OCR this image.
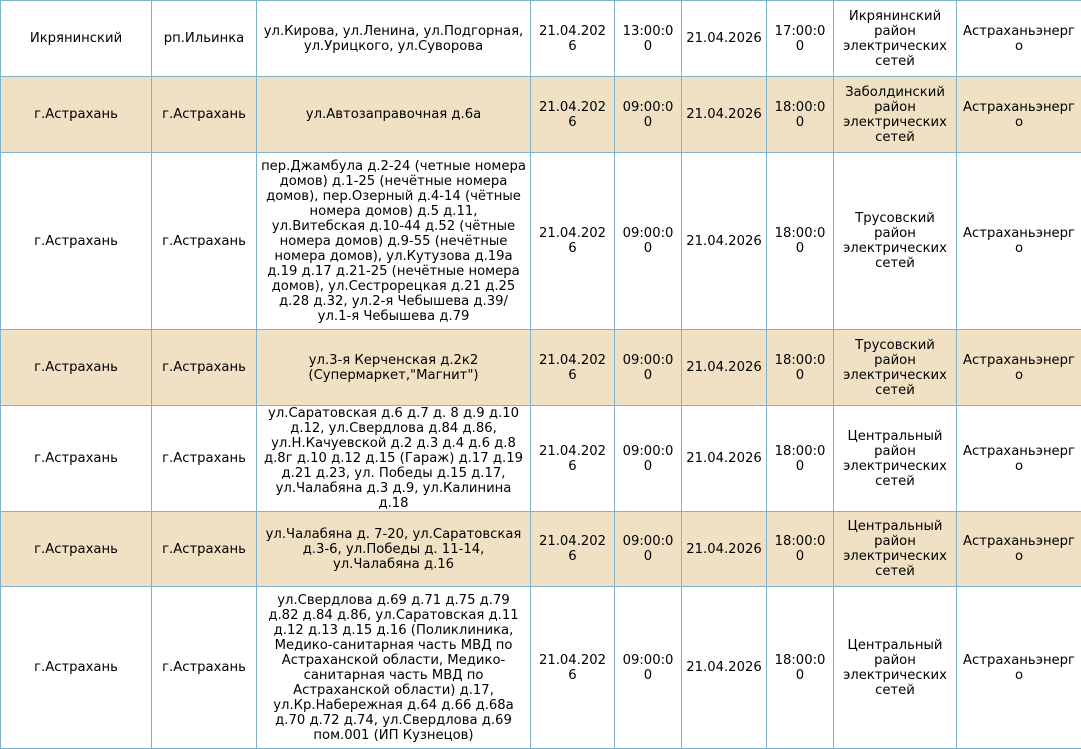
Икрянинский	рп.Ильинка	ул.Кирова, ул.Ленина, ул.Подгорная, ул.Урицкого, ул.Суворова	21.04.2026	13:00:00	21.04.2026	17:00:00	Икрянинский район электрических сетей	Астраханьэнерго
г.Астрахань	г.Астрахань	ул.Автозаправочная д.6а	21.04.2026	09:00:00	21.04.2026	18:00:00	Заболдинский район электрических сетей	Астраханьэнерго
г.Астрахань	г.Астрахань	пер.Джамбула д.2-24 (четные номера домов) д.1-25 (нечётные номера домов), пер.Озерный д.4-14 (чётные номера домов) д.5 д.11, ул.Витебская д.10-44 д.52 (чётные номера домов) д.9-55 (нечётные номера домов), ул.Кутузова д.19а д.19 д.17 д.21-25 (нечётные номера домов), ул.Сестрорецкая д.21 д.25 д.28 д.32, ул.2-я Чебышева д.39/ ул.1-я Чебышева д.79	21.04.2026	09:00:00	21.04.2026	18:00:00	Трусовский район электрических сетей	Астраханьэнерго
г.Астрахань	г.Астрахань	ул.3-я Керченская д.2к2 (Супермаркет,"Магнит")	21.04.2026	09:00:00	21.04.2026	18:00:00	Трусовский район электрических сетей	Астраханьэнерго
г.Астрахань	г.Астрахань	ул.Саратовская д.6 д.7 д. 8 д.9 д.10 д.12, ул.Свердлова д.84 д.86, ул.Н.Качуевской д.2 д.3 д.4 д.6 д.8 д.8г д.10 д.12 д.15 (Гараж) д.17 д.19 д.21 д.23, ул. Победы д.15 д.17, ул.Чалабяна д.3 д.9, ул.Калинина д.18	21.04.2026	09:00:00	21.04.2026	18:00:00	Центральный район электрических сетей	Астраханьэнерго
г.Астрахань	г.Астрахань	ул.Чалабяна д. 7-20, ул.Саратовская д.3-6, ул.Победы д. 11-14, ул.Чалабяна д.16	21.04.2026	09:00:00	21.04.2026	18:00:00	Центральный район электрических сетей	Астраханьэнерго
г.Астрахань	г.Астрахань	ул.Свердлова д.69 д.71 д.75 д.79 д.82 д.84 д.86, ул.Саратовская д.11 д.12 д.13 д.15 д.16 (Поликлиника, Медико-санитарная часть МВД по Астраханской области, Медико-санитарная часть МВД по Астраханской области) д.17, ул.Кр.Набережная д.64 д.66 д.68а д.70 д.72 д.74, ул.Свердлова д.69 пом.001 (ИП Кузнецов)	21.04.2026	09:00:00	21.04.2026	18:00:00	Центральный район электрических сетей	Астраханьэнерго
